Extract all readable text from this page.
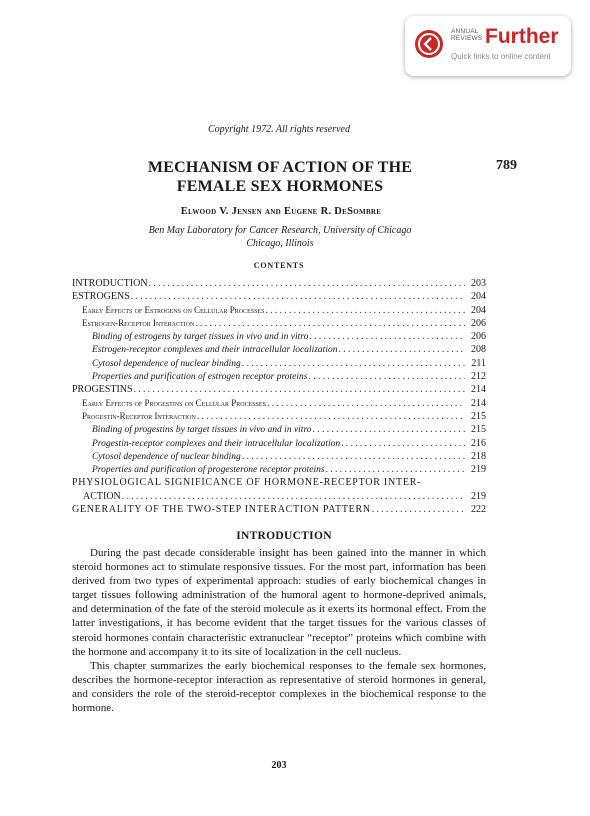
ANNUAL
REVIEWS Further
Quick links to online content
Copyright 1972. All rights reserved
MECHANISM OF ACTION OF THE
FEMALE SEX HORMONES
789
Elwood V. Jensen and Eugene R. DeSombre
Ben May Laboratory for Cancer Research, University of Chicago
Chicago, Illinois
CONTENTS
INTRODUCTION .....	203
ESTROGENS .....	204
Early Effects of Estrogens on Cellular Processes .....	204
Estrogen-Receptor Interaction .....	206
Binding of estrogens by target tissues in vivo and in vitro .....	206
Estrogen-receptor complexes and their intracellular localization .....	208
Cytosol dependence of nuclear binding .....	211
Properties and purification of estrogen receptor proteins .....	212
PROGESTINS .....	214
Early Effects of Progestins on Cellular Processes .....	214
Progestin-Receptor Interaction .....	215
Binding of progestins by target tissues in vivo and in vitro .....	215
Progestin-receptor complexes and their intracellular localization .....	216
Cytosol dependence of nuclear binding .....	218
Properties and purification of progesterone receptor proteins .....	219
PHYSIOLOGICAL SIGNIFICANCE OF HORMONE-RECEPTOR INTER-
ACTION .....	219
GENERALITY OF THE TWO-STEP INTERACTION PATTERN .....	222
INTRODUCTION

During the past decade considerable insight has been gained into the manner in which steroid hormones act to stimulate responsive tissues. For the most part, information has been derived from two types of experimental approach: studies of early biochemical changes in target tissues following administration of the humoral agent to hormone-deprived animals, and determination of the fate of the steroid molecule as it exerts its hormonal effect. From the latter investigations, it has become evident that the target tissues for the various classes of steroid hormones contain characteristic extranuclear “receptor” proteins which combine with the hormone and accompany it to its site of localization in the cell nucleus.

This chapter summarizes the early biochemical responses to the female sex hormones, describes the hormone-receptor interaction as representative of steroid hormones in general, and considers the role of the steroid-receptor complexes in the biochemical response to the hormone.

203
